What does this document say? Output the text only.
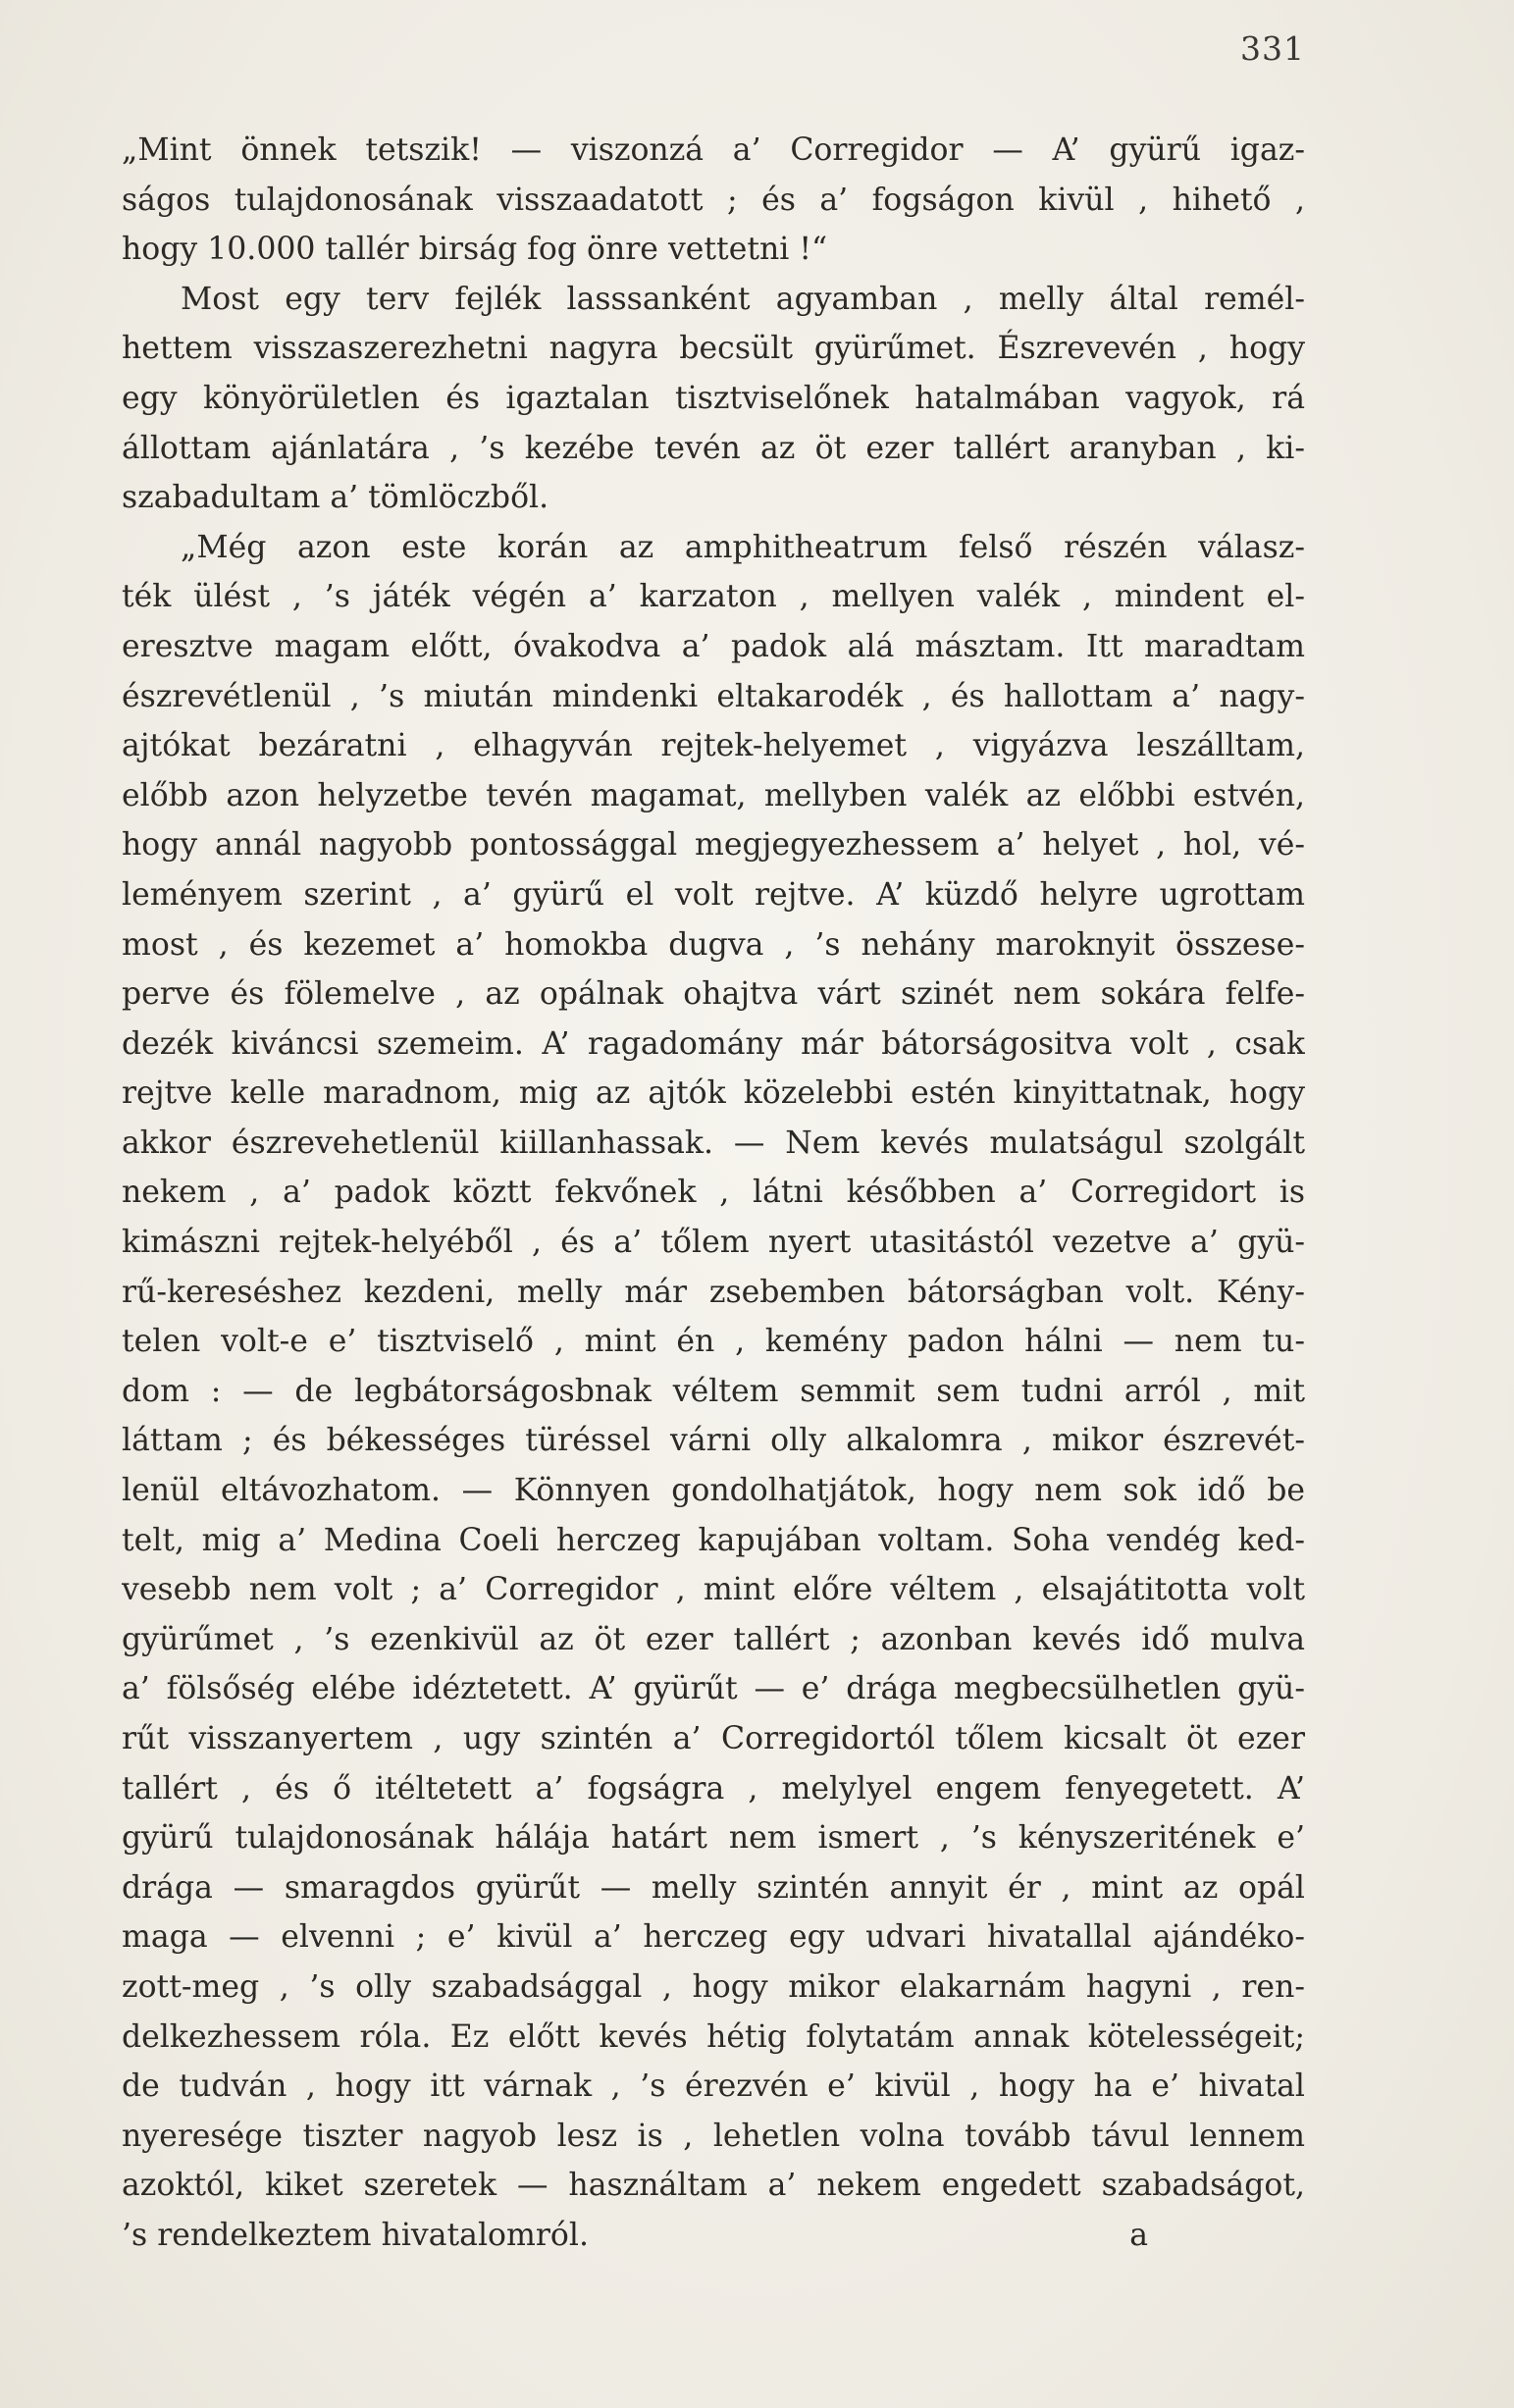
331
„Mint önnek tetszik! — viszonzá a’ Corregidor — A’ gyürű igaz-
ságos tulajdonosának visszaadatott ; és a’ fogságon kivül , hihető ,
hogy 10.000 tallér birság fog önre vettetni !“
Most egy terv fejlék lasssanként agyamban , melly által remél-
hettem visszaszerezhetni nagyra becsült gyürűmet. Észrevevén , hogy
egy könyörületlen és igaztalan tisztviselőnek hatalmában vagyok, rá
állottam ajánlatára , ’s kezébe tevén az öt ezer tallért aranyban , ki-
szabadultam a’ tömlöczből.
„Még azon este korán az amphitheatrum felső részén válasz-
ték ülést , ’s játék végén a’ karzaton , mellyen valék , mindent el-
eresztve magam előtt, óvakodva a’ padok alá másztam. Itt maradtam
észrevétlenül , ’s miután mindenki eltakarodék , és hallottam a’ nagy-
ajtókat bezáratni , elhagyván rejtek-helyemet , vigyázva leszálltam,
előbb azon helyzetbe tevén magamat, mellyben valék az előbbi estvén,
hogy annál nagyobb pontossággal megjegyezhessem a’ helyet , hol, vé-
leményem szerint , a’ gyürű el volt rejtve. A’ küzdő helyre ugrottam
most , és kezemet a’ homokba dugva , ’s nehány maroknyit összese-
perve és fölemelve , az opálnak ohajtva várt szinét nem sokára felfe-
dezék kiváncsi szemeim. A’ ragadomány már bátorságositva volt , csak
rejtve kelle maradnom, mig az ajtók közelebbi estén kinyittatnak, hogy
akkor észrevehetlenül kiillanhassak. — Nem kevés mulatságul szolgált
nekem , a’ padok köztt fekvőnek , látni későbben a’ Corregidort is
kimászni rejtek-helyéből , és a’ tőlem nyert utasitástól vezetve a’ gyü-
rű-kereséshez kezdeni, melly már zsebemben bátorságban volt. Kény-
telen volt-e e’ tisztviselő , mint én , kemény padon hálni — nem tu-
dom : — de legbátorságosbnak véltem semmit sem tudni arról , mit
láttam ; és békességes türéssel várni olly alkalomra , mikor észrevét-
lenül eltávozhatom. — Könnyen gondolhatjátok, hogy nem sok idő be
telt, mig a’ Medina Coeli herczeg kapujában voltam. Soha vendég ked-
vesebb nem volt ; a’ Corregidor , mint előre véltem , elsajátitotta volt
gyürűmet , ’s ezenkivül az öt ezer tallért ; azonban kevés idő mulva
a’ fölsőség elébe idéztetett. A’ gyürűt — e’ drága megbecsülhetlen gyü-
rűt visszanyertem , ugy szintén a’ Corregidortól tőlem kicsalt öt ezer
tallért , és ő itéltetett a’ fogságra , melylyel engem fenyegetett. A’
gyürű tulajdonosának hálája határt nem ismert , ’s kényszeritének e’
drága — smaragdos gyürűt — melly szintén annyit ér , mint az opál
maga — elvenni ; e’ kivül a’ herczeg egy udvari hivatallal ajándéko-
zott-meg , ’s olly szabadsággal , hogy mikor elakarnám hagyni , ren-
delkezhessem róla. Ez előtt kevés hétig folytatám annak kötelességeit;
de tudván , hogy itt várnak , ’s érezvén e’ kivül , hogy ha e’ hivatal
nyeresége tiszter nagyob lesz is , lehetlen volna tovább távul lennem
azoktól, kiket szeretek — használtam a’ nekem engedett szabadságot,
’s rendelkeztem hivatalomról.	a
